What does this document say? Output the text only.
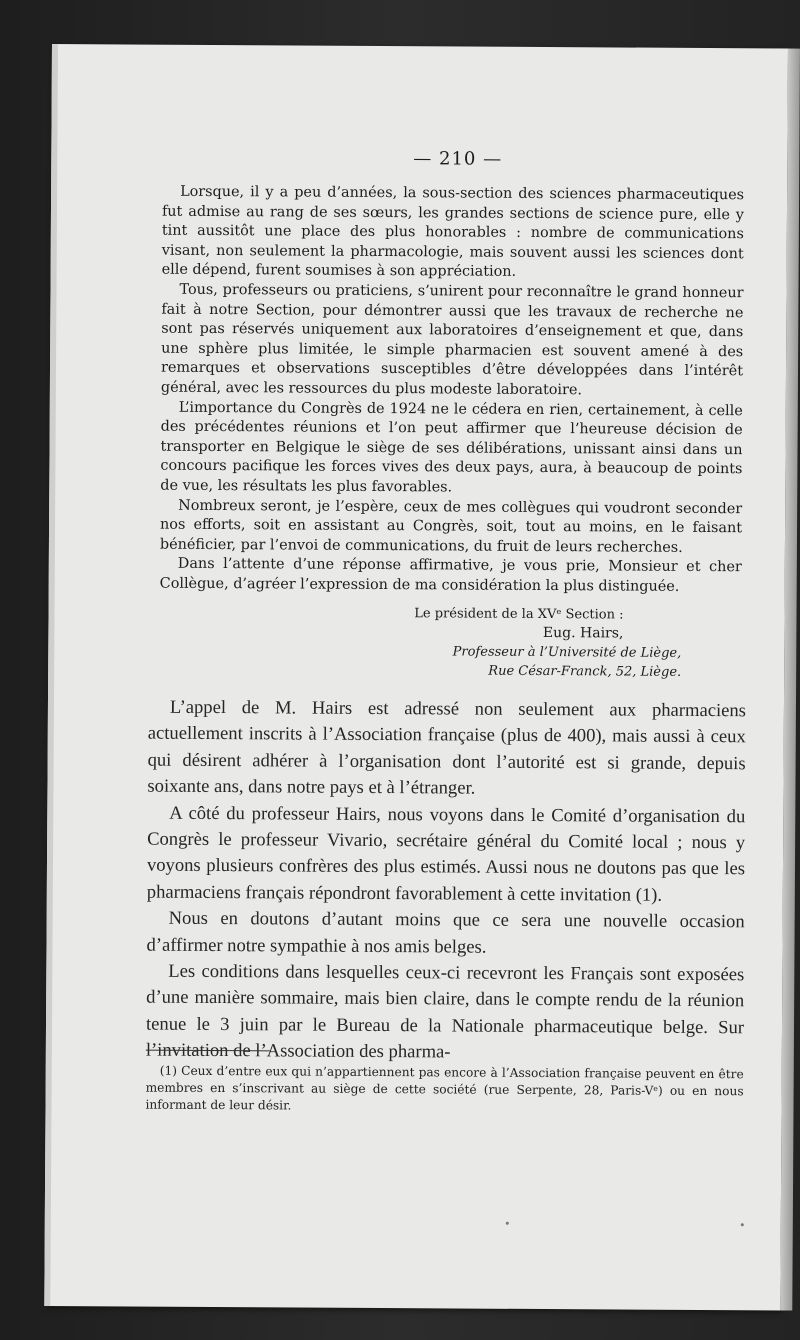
— 210 —

Lorsque, il y a peu d’années, la sous-section des sciences pharmaceutiques fut admise au rang de ses sœurs, les grandes sections de science pure, elle y tint aussitôt une place des plus honorables : nombre de communications visant, non seulement la pharmacologie, mais souvent aussi les sciences dont elle dépend, furent soumises à son appréciation.

Tous, professeurs ou praticiens, s’unirent pour reconnaître le grand honneur fait à notre Section, pour démontrer aussi que les travaux de recherche ne sont pas réservés uniquement aux laboratoires d’enseignement et que, dans une sphère plus limitée, le simple pharmacien est souvent amené à des remarques et observations susceptibles d’être développées dans l’intérêt général, avec les ressources du plus modeste laboratoire.

L’importance du Congrès de 1924 ne le cédera en rien, certainement, à celle des précédentes réunions et l’on peut affirmer que l’heureuse décision de transporter en Belgique le siège de ses délibérations, unissant ainsi dans un concours pacifique les forces vives des deux pays, aura, à beaucoup de points de vue, les résultats les plus favorables.

Nombreux seront, je l’espère, ceux de mes collègues qui voudront seconder nos efforts, soit en assistant au Congrès, soit, tout au moins, en le faisant bénéficier, par l’envoi de communications, du fruit de leurs recherches.

Dans l’attente d’une réponse affirmative, je vous prie, Monsieur et cher Collègue, d’agréer l’expression de ma considération la plus distinguée.

Le président de la XVᵉ Section :
Eug. Hairs,
Professeur à l’Université de Liège,
Rue César-Franck, 52, Liège.

L’appel de M. Hairs est adressé non seulement aux pharmaciens actuellement inscrits à l’Association française (plus de 400), mais aussi à ceux qui désirent adhérer à l’organisation dont l’autorité est si grande, depuis soixante ans, dans notre pays et à l’étranger.

A côté du professeur Hairs, nous voyons dans le Comité d’organisation du Congrès le professeur Vivario, secrétaire général du Comité local ; nous y voyons plusieurs confrères des plus estimés. Aussi nous ne doutons pas que les pharmaciens français répondront favorablement à cette invitation (1).

Nous en doutons d’autant moins que ce sera une nouvelle occasion d’affirmer notre sympathie à nos amis belges.

Les conditions dans lesquelles ceux-ci recevront les Français sont exposées d’une manière sommaire, mais bien claire, dans le compte rendu de la réunion tenue le 3 juin par le Bureau de la Nationale pharmaceutique belge. Sur l’invitation de l’Association des pharma-

(1) Ceux d’entre eux qui n’appartiennent pas encore à l’Association française peuvent en être membres en s’inscrivant au siège de cette société (rue Serpente, 28, Paris-Vᵉ) ou en nous informant de leur désir.
